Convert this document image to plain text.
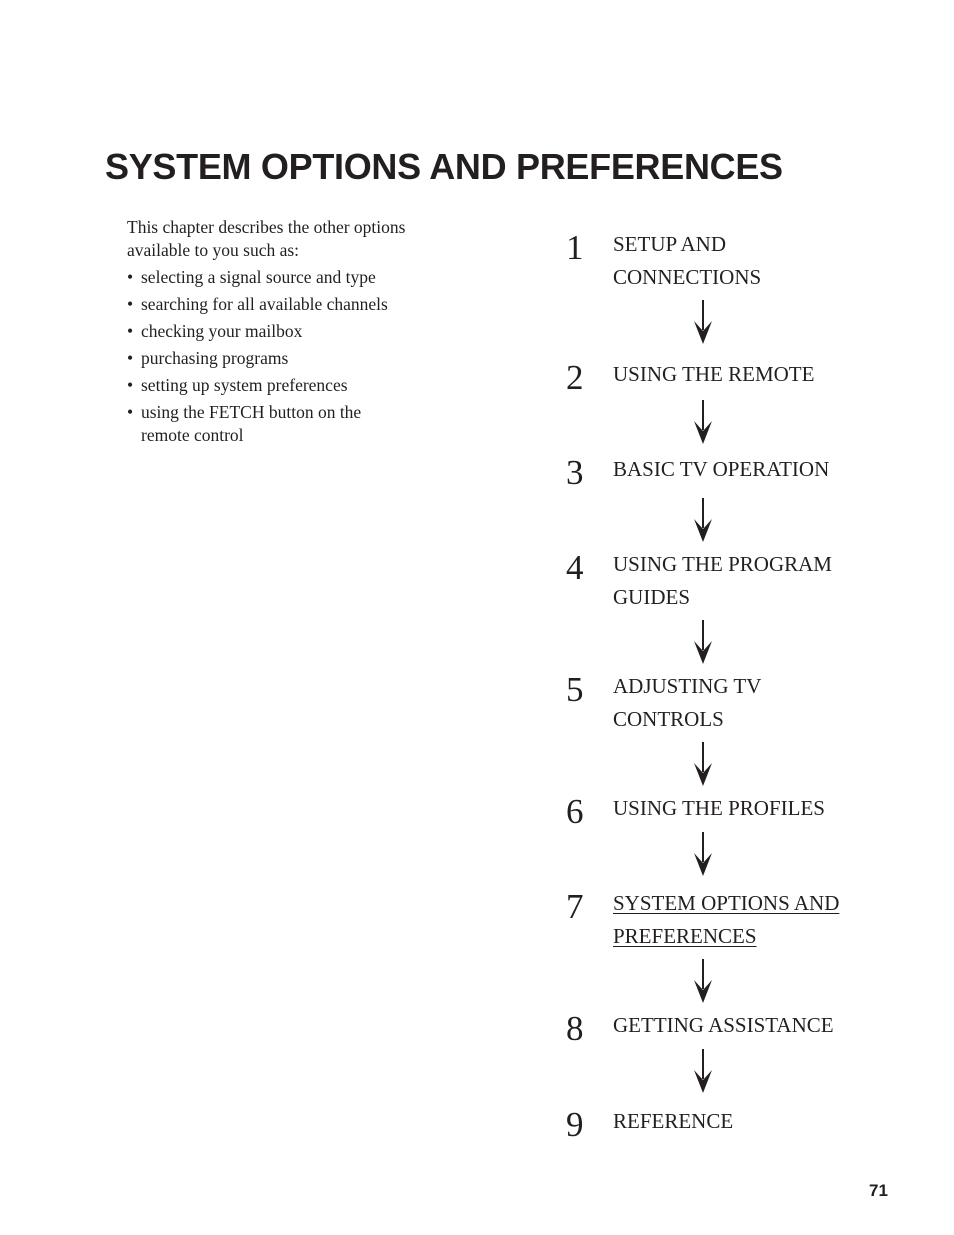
SYSTEM OPTIONS AND PREFERENCES

This chapter describes the other options available to you such as:

• selecting a signal source and type
• searching for all available channels
• checking your mailbox
• purchasing programs
• setting up system preferences
• using the FETCH button on the remote control
1 SETUP AND CONNECTIONS
2 USING THE REMOTE
3 BASIC TV OPERATION
4 USING THE PROGRAM GUIDES
5 ADJUSTING TV CONTROLS
6 USING THE PROFILES
7 SYSTEM OPTIONS AND PREFERENCES
8 GETTING ASSISTANCE
9 REFERENCE
71
